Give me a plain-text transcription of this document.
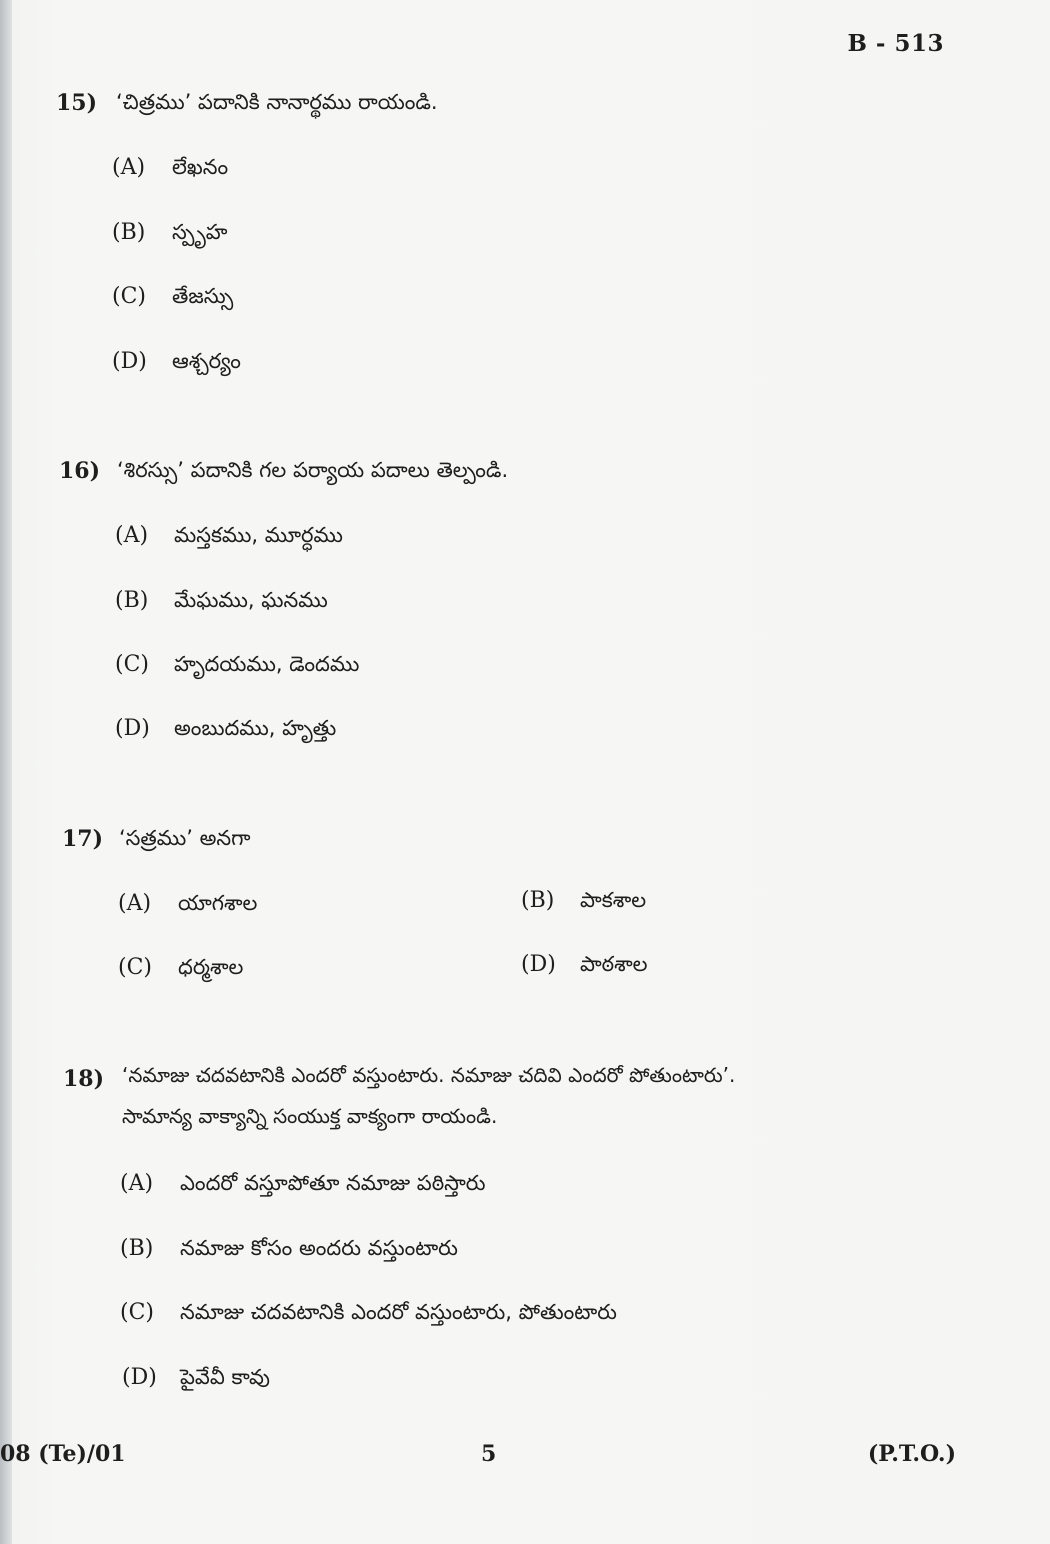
B - 513
15) ‘చిత్రము’ పదానికి నానార్థము రాయండి.
(A) లేఖనం
(B) స్పృహ
(C) తేజస్సు
(D) ఆశ్చర్యం
16) ‘శిరస్సు’ పదానికి గల పర్యాయ పదాలు తెల్పండి.
(A) మస్తకము, మూర్ధము
(B) మేఘము, ఘనము
(C) హృదయము, డెందము
(D) అంబుదము, హృత్తు
17) ‘సత్రము’ అనగా
(A) యాగశాల	(B) పాకశాల
(C) ధర్మశాల	(D) పాఠశాల
18) ‘నమాజు చదవటానికి ఎందరో వస్తుంటారు. నమాజు చదివి ఎందరో పోతుంటారు’.
సామాన్య వాక్యాన్ని సంయుక్త వాక్యంగా రాయండి.
(A) ఎందరో వస్తూపోతూ నమాజు పఠిస్తారు
(B) నమాజు కోసం అందరు వస్తుంటారు
(C) నమాజు చదవటానికి ఎందరో వస్తుంటారు, పోతుంటారు
(D) పైవేవీ కావు
08 (Te)/01	5	(P.T.O.)
